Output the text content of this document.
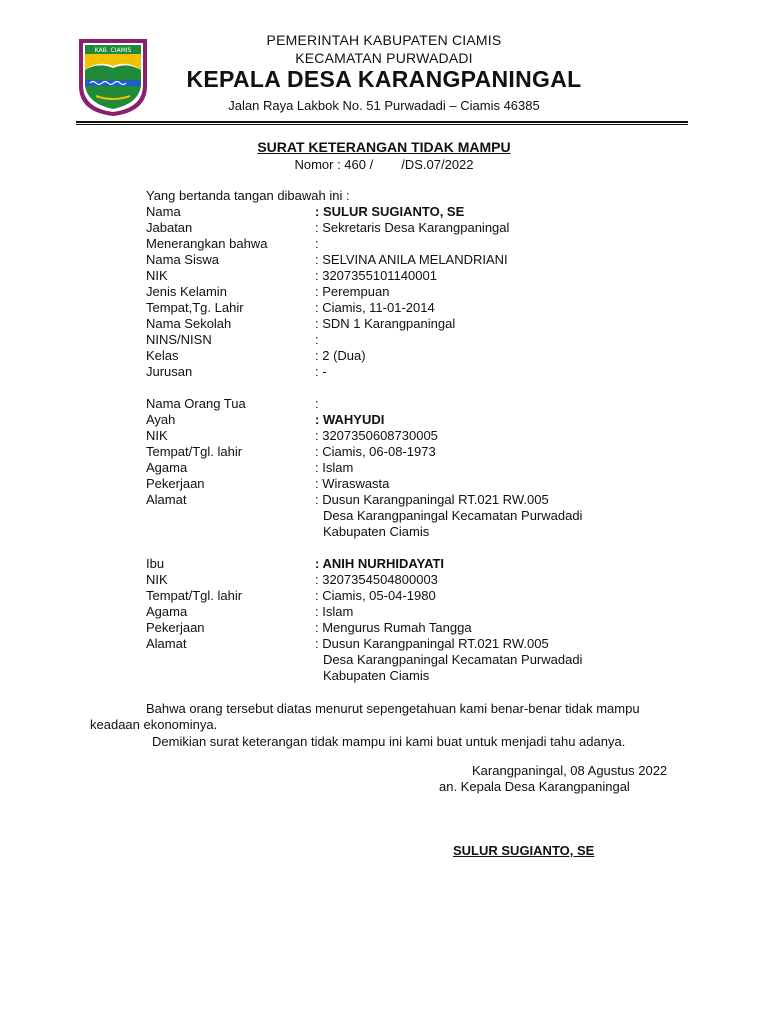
KAB. CIAMIS
PEMERINTAH KABUPATEN CIAMIS
KECAMATAN PURWADADI
KEPALA DESA KARANGPANINGAL
Jalan Raya Lakbok No. 51 Purwadadi – Ciamis 46385
SURAT KETERANGAN TIDAK MAMPU
Nomor : 460 / /DS.07/2022
Yang bertanda tangan dibawah ini :
Nama	: SULUR SUGIANTO, SE
Jabatan	: Sekretaris Desa Karangpaningal
Menerangkan bahwa	:
Nama Siswa	: SELVINA ANILA MELANDRIANI
NIK	: 3207355101140001
Jenis Kelamin	: Perempuan
Tempat,Tg. Lahir	: Ciamis, 11-01-2014
Nama Sekolah	: SDN 1 Karangpaningal
NINS/NISN	:
Kelas	: 2 (Dua)
Jurusan	: -
Nama Orang Tua	:
Ayah	: WAHYUDI
NIK	: 3207350608730005
Tempat/Tgl. lahir	: Ciamis, 06-08-1973
Agama	: Islam
Pekerjaan	: Wiraswasta
Alamat	: Dusun Karangpaningal RT.021 RW.005
Desa Karangpaningal Kecamatan Purwadadi
Kabupaten Ciamis
Ibu	: ANIH NURHIDAYATI
NIK	: 3207354504800003
Tempat/Tgl. lahir	: Ciamis, 05-04-1980
Agama	: Islam
Pekerjaan	: Mengurus Rumah Tangga
Alamat	: Dusun Karangpaningal RT.021 RW.005
Desa Karangpaningal Kecamatan Purwadadi
Kabupaten Ciamis
Bahwa orang tersebut diatas menurut sepengetahuan kami benar-benar tidak mampu
keadaan ekonominya.
Demikian surat keterangan tidak mampu ini kami buat untuk menjadi tahu adanya.
Karangpaningal, 08 Agustus 2022
an. Kepala Desa Karangpaningal
SULUR SUGIANTO, SE
